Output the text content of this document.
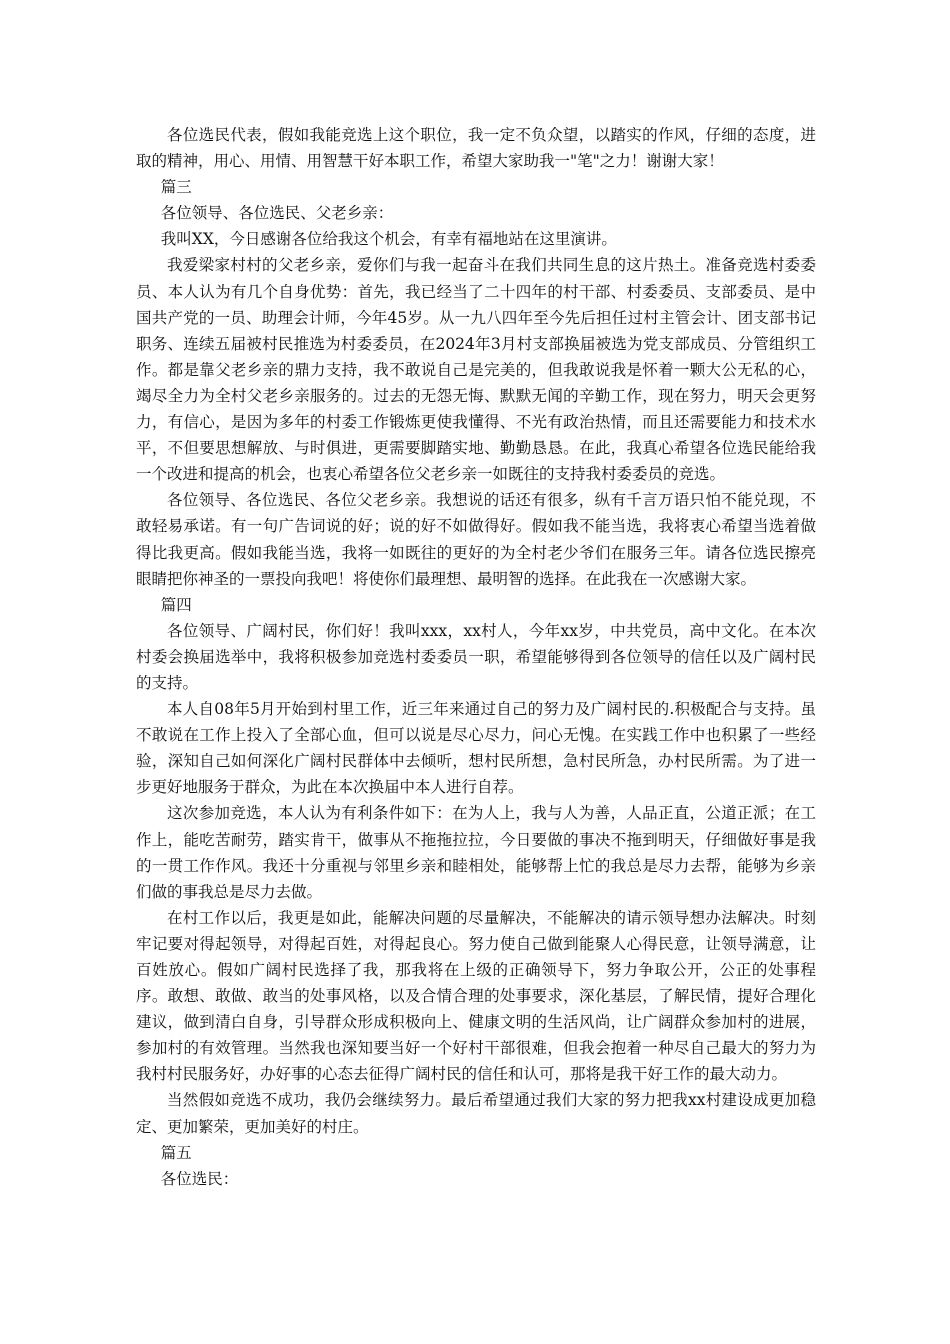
各位选民代表，假如我能竞选上这个职位，我一定不负众望，以踏实的作风，仔细的态度，进取的精神，用心、用情、用智慧干好本职工作，希望大家助我一"笔"之力！谢谢大家！

篇三

各位领导、各位选民、父老乡亲：

我叫XX，今日感谢各位给我这个机会，有幸有福地站在这里演讲。

我爱梁家村村的父老乡亲，爱你们与我一起奋斗在我们共同生息的这片热土。准备竞选村委委员、本人认为有几个自身优势：首先，我已经当了二十四年的村干部、村委委员、支部委员、是中国共产党的一员、助理会计师，今年45岁。从一九八四年至今先后担任过村主管会计、团支部书记职务、连续五届被村民推选为村委委员，在2024年3月村支部换届被选为党支部成员、分管组织工作。都是靠父老乡亲的鼎力支持，我不敢说自己是完美的，但我敢说我是怀着一颗大公无私的心，竭尽全力为全村父老乡亲服务的。过去的无怨无悔、默默无闻的辛勤工作，现在努力，明天会更努力，有信心，是因为多年的村委工作锻炼更使我懂得、不光有政治热情，而且还需要能力和技术水平，不但要思想解放、与时俱进，更需要脚踏实地、勤勤恳恳。在此，我真心希望各位选民能给我一个改进和提高的机会，也衷心希望各位父老乡亲一如既往的支持我村委委员的竞选。

各位领导、各位选民、各位父老乡亲。我想说的话还有很多，纵有千言万语只怕不能兑现，不敢轻易承诺。有一句广告词说的好；说的好不如做得好。假如我不能当选，我将衷心希望当选着做得比我更高。假如我能当选，我将一如既往的更好的为全村老少爷们在服务三年。请各位选民擦亮眼睛把你神圣的一票投向我吧！将使你们最理想、最明智的选择。在此我在一次感谢大家。

篇四

各位领导、广阔村民，你们好！我叫xxx，xx村人，今年xx岁，中共党员，高中文化。在本次村委会换届选举中，我将积极参加竞选村委委员一职，希望能够得到各位领导的信任以及广阔村民的支持。

本人自08年5月开始到村里工作，近三年来通过自己的努力及广阔村民的.积极配合与支持。虽不敢说在工作上投入了全部心血，但可以说是尽心尽力，问心无愧。在实践工作中也积累了一些经验，深知自己如何深化广阔村民群体中去倾听，想村民所想，急村民所急，办村民所需。为了进一步更好地服务于群众，为此在本次换届中本人进行自荐。

这次参加竞选，本人认为有利条件如下：在为人上，我与人为善，人品正直，公道正派；在工作上，能吃苦耐劳，踏实肯干，做事从不拖拖拉拉，今日要做的事决不拖到明天，仔细做好事是我的一贯工作作风。我还十分重视与邻里乡亲和睦相处，能够帮上忙的我总是尽力去帮，能够为乡亲们做的事我总是尽力去做。

在村工作以后，我更是如此，能解决问题的尽量解决，不能解决的请示领导想办法解决。时刻牢记要对得起领导，对得起百姓，对得起良心。努力使自己做到能聚人心得民意，让领导满意，让百姓放心。假如广阔村民选择了我，那我将在上级的正确领导下，努力争取公开，公正的处事程序。敢想、敢做、敢当的处事风格，以及合情合理的处事要求，深化基层，了解民情，提好合理化建议，做到清白自身，引导群众形成积极向上、健康文明的生活风尚，让广阔群众参加村的进展，参加村的有效管理。当然我也深知要当好一个好村干部很难，但我会抱着一种尽自己最大的努力为我村村民服务好，办好事的心态去征得广阔村民的信任和认可，那将是我干好工作的最大动力。

当然假如竞选不成功，我仍会继续努力。最后希望通过我们大家的努力把我xx村建设成更加稳定、更加繁荣，更加美好的村庄。

篇五

各位选民：
